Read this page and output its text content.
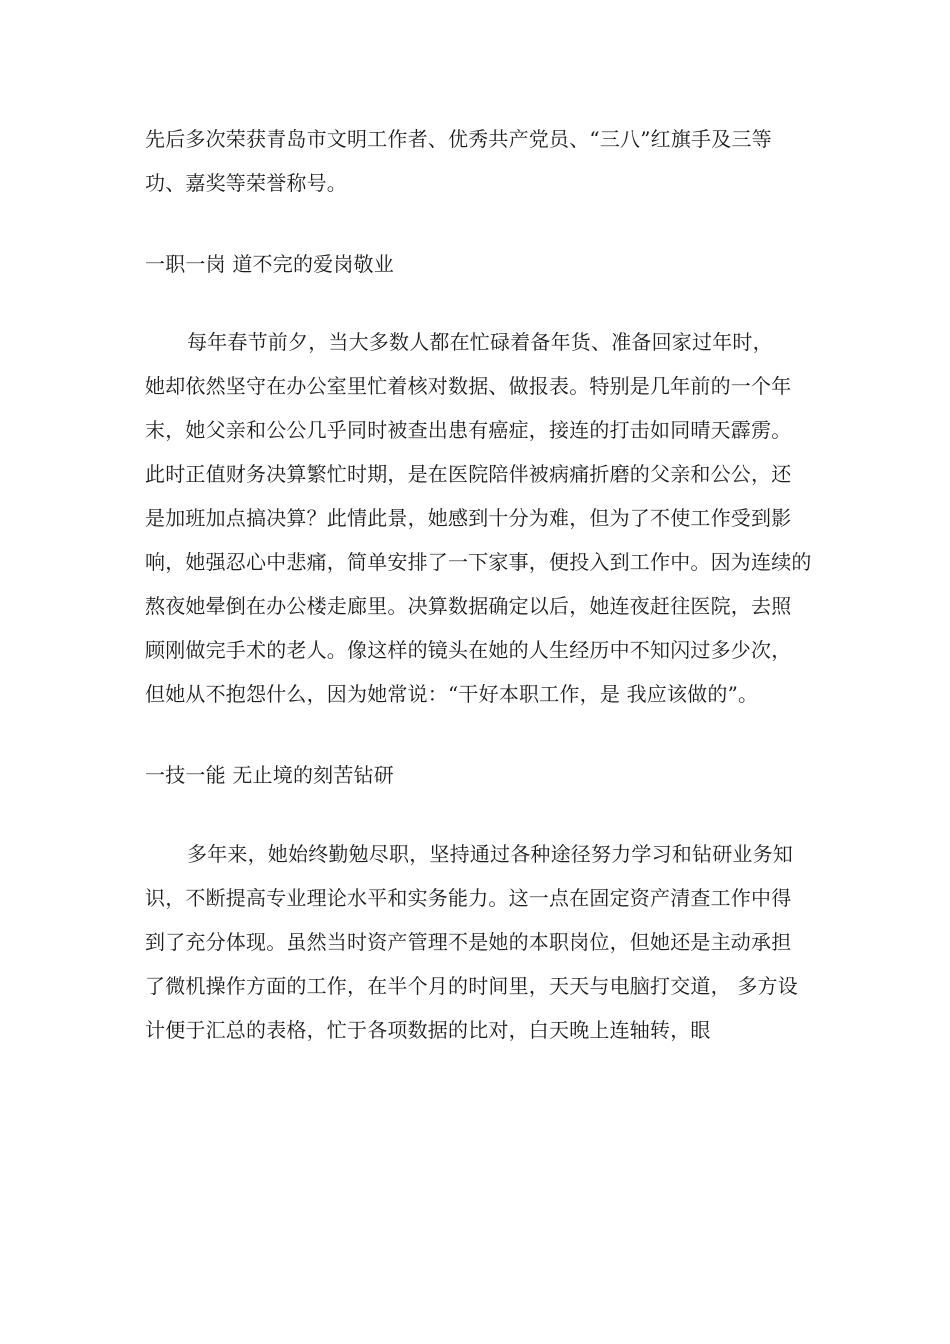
先后多次荣获青岛市文明工作者、优秀共产党员、“三八”红旗手及三等
功、嘉奖等荣誉称号。
一职一岗 道不完的爱岗敬业
每年春节前夕，当大多数人都在忙碌着备年货、准备回家过年时，
她却依然坚守在办公室里忙着核对数据、做报表。特别是几年前的一个年
末，她父亲和公公几乎同时被查出患有癌症，接连的打击如同晴天霹雳。
此时正值财务决算繁忙时期，是在医院陪伴被病痛折磨的父亲和公公，还
是加班加点搞决算？此情此景，她感到十分为难，但为了不使工作受到影
响，她强忍心中悲痛，简单安排了一下家事，便投入到工作中。因为连续的
熬夜她晕倒在办公楼走廊里。决算数据确定以后，她连夜赶往医院，去照
顾刚做完手术的老人。像这样的镜头在她的人生经历中不知闪过多少次，
但她从不抱怨什么，因为她常说：“干好本职工作，是 我应该做的”。
一技一能 无止境的刻苦钻研
多年来，她始终勤勉尽职，坚持通过各种途径努力学习和钻研业务知
识，不断提高专业理论水平和实务能力。这一点在固定资产清查工作中得
到了充分体现。虽然当时资产管理不是她的本职岗位，但她还是主动承担
了微机操作方面的工作，在半个月的时间里，天天与电脑打交道， 多方设
计便于汇总的表格，忙于各项数据的比对，白天晚上连轴转，眼
